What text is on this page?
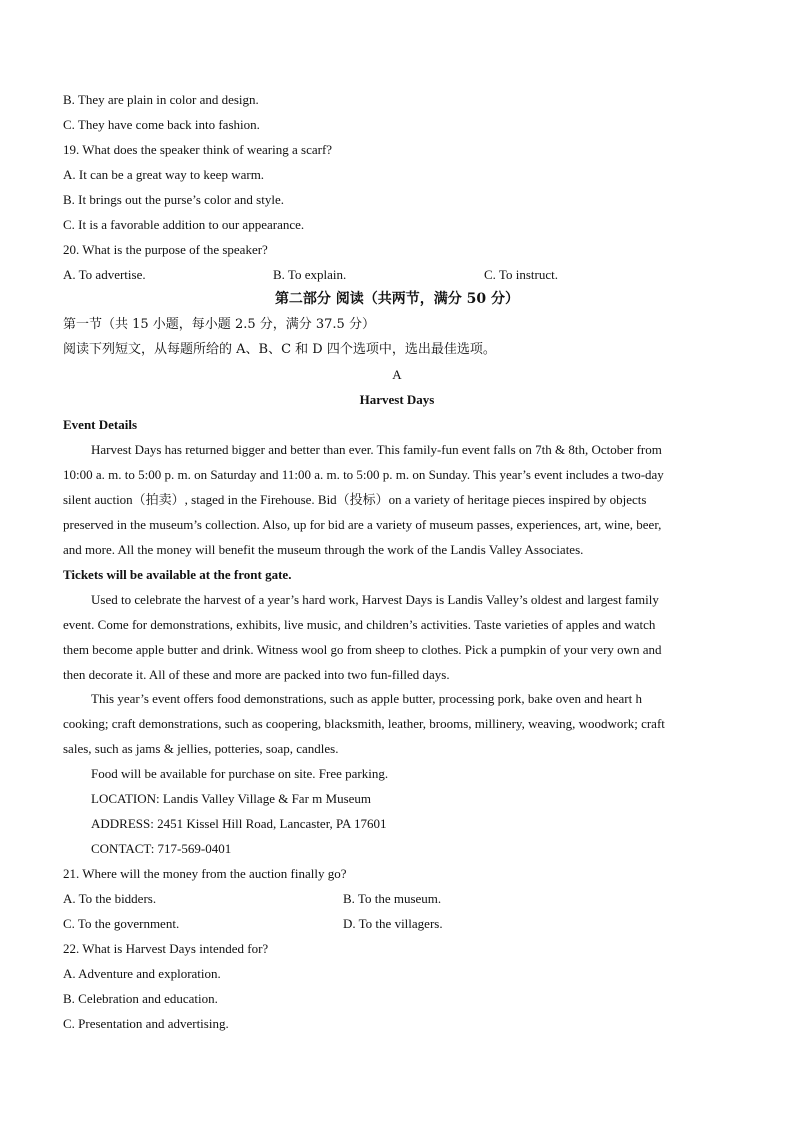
B. They are plain in color and design.
C. They have come back into fashion.
19. What does the speaker think of wearing a scarf?
A. It can be a great way to keep warm.
B. It brings out the purse’s color and style.
C. It is a favorable addition to our appearance.
20. What is the purpose of the speaker?
A. To advertise.	B. To explain.	C. To instruct.
第二部分 阅读（共两节，满分 50 分）
第一节（共 15 小题，每小题 2.5 分，满分 37.5 分）
阅读下列短文，从每题所给的 A、B、C 和 D 四个选项中，选出最佳选项。
A
Harvest Days
Event Details
Harvest Days has returned bigger and better than ever. This family-fun event falls on 7th & 8th, October from
10:00 a. m. to 5:00 p. m. on Saturday and 11:00 a. m. to 5:00 p. m. on Sunday. This year’s event includes a two-day
silent auction（拍卖）, staged in the Firehouse. Bid（投标）on a variety of heritage pieces inspired by objects
preserved in the museum’s collection. Also, up for bid are a variety of museum passes, experiences, art, wine, beer,
and more. All the money will benefit the museum through the work of the Landis Valley Associates.
Tickets will be available at the front gate.
Used to celebrate the harvest of a year’s hard work, Harvest Days is Landis Valley’s oldest and largest family
event. Come for demonstrations, exhibits, live music, and children’s activities. Taste varieties of apples and watch
them become apple butter and drink. Witness wool go from sheep to clothes. Pick a pumpkin of your very own and
then decorate it. All of these and more are packed into two fun-filled days.
This year’s event offers food demonstrations, such as apple butter, processing pork, bake oven and heart h
cooking; craft demonstrations, such as coopering, blacksmith, leather, brooms, millinery, weaving, woodwork; craft
sales, such as jams & jellies, potteries, soap, candles.
Food will be available for purchase on site. Free parking.
LOCATION: Landis Valley Village & Far m Museum
ADDRESS: 2451 Kissel Hill Road, Lancaster, PA 17601
CONTACT: 717-569-0401
21. Where will the money from the auction finally go?
A. To the bidders.	B. To the museum.
C. To the government.	D. To the villagers.
22. What is Harvest Days intended for?
A. Adventure and exploration.
B. Celebration and education.
C. Presentation and advertising.
